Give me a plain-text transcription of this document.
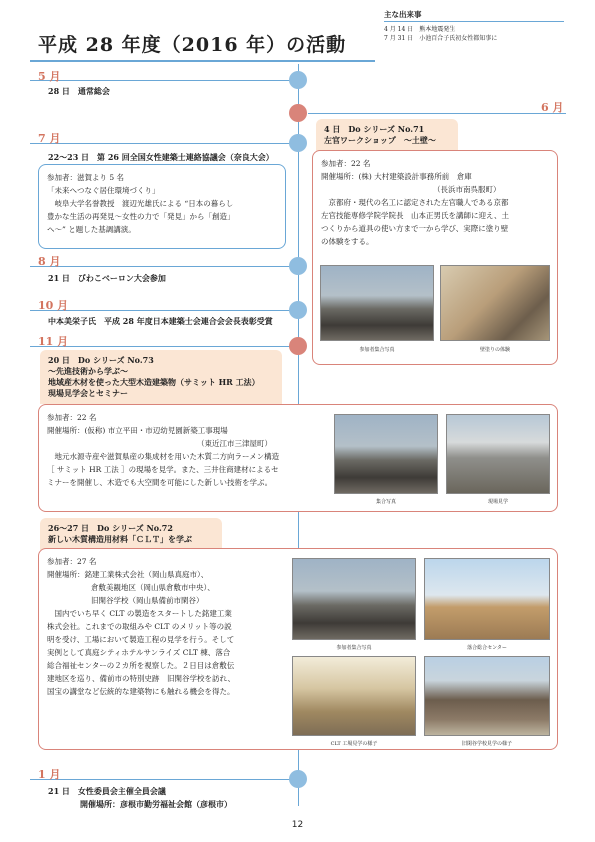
平成 28 年度（2016 年）の活動
主な出来事
4 月 14 日　 熊本地震発生
7 月 31 日　 小池百合子氏初女性都知事に
5 月
28 日　通常総会
6 月
4 日　Do シリーズ No.71
左官ワークショップ　～土壁～

参加者：22 名

開催場所：(株) 大村建築設計事務所前　倉庫

（長浜市南呉服町）

　京都府・現代の名工に認定された左官職人である京都

左官技能専修学院学院長　山本正男氏を講師に迎え、土

つくりから道具の使い方まで一から学び、実際に塗り壁

の体験をする。

参加者集合写真	壁塗りの体験
7 月
22～23 日　第 26 回全国女性建築士連絡協議会（奈良大会）

参加者：滋賀より 5 名

「未来へつなぐ居住環境づくり」

　岐阜大学名誉教授　渡辺光雄氏による “日本の暮らし

豊かな生活の再発見～女性の力で「発見」から「創造」

へ～” と題した基調講演。

8 月
21 日　びわこベーロン大会参加
10 月
中本美栄子氏　平成 28 年度日本建築士会連合会会長表彰受賞
11 月
20 日　Do シリーズ No.73
～先進技術から学ぶ～
地域産木材を使った大型木造建築物（サミット HR 工法）
現場見学会とセミナー

参加者：22 名

開催場所：(仮称) 市立平田・市辺幼児園新築工事現場

（東近江市三津屋町）

　地元水源寺産や滋賀県産の集成材を用いた木質二方向ラーメン構造

［ サミット HR 工法 ］の現場を見学。また、三井住商建材によるセ

ミナーを開催し、木造でも大空間を可能にした新しい技術を学ぶ。

集合写真	現場見学
26～27 日　Do シリーズ No.72
新しい木質構造用材料「ＣＬＴ」を学ぶ

参加者：27 名

開催場所：銘建工業株式会社（岡山県真庭市）、

倉敷美観地区（岡山県倉敷市中央）、

旧閑谷学校（岡山県備前市閑谷）

　国内でいち早く CLT の製造をスタートした銘建工業

株式会社。これまでの取組みや CLT のメリット等の説

明を受け、工場において製造工程の見学を行う。そして

実例として真庭シティホテルサンライズ CLT 棟、落合

総合福祉センターの２カ所を視察した。２日目は倉敷伝

建地区を巡り、備前市の特別史跡　旧閑谷学校を訪れ、

国宝の講堂など伝統的な建築物にも触れる機会を得た。

参加者集合写真	落合総合センター
CLT 工場見学の様子	旧閑谷学校見学の様子
1 月
21 日　女性委員会主催全員会議
開催場所：彦根市勤労福祉会館（彦根市）
12
